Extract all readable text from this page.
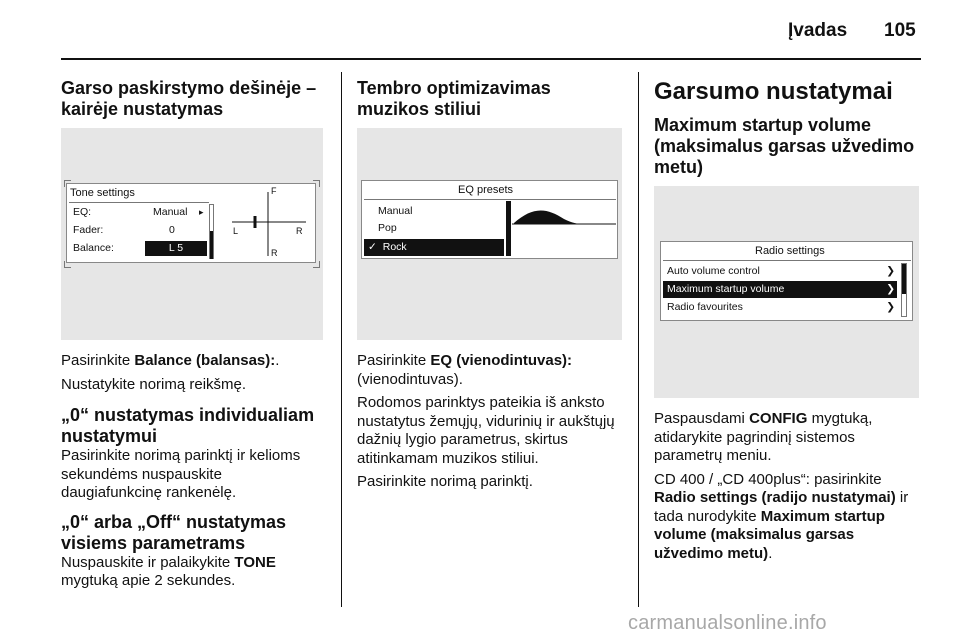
Įvadas 105
Garso paskirstymo dešinėje – kairėje nustatymas
Tone settings
EQ:	Manual ▸
Fader:	0
Balance:	L 5
F
L	R
R

Pasirinkite Balance (balansas):.

Nustatykite norimą reikšmę.

„0“ nustatymas individualiam nustatymui

Pasirinkite norimą parinktį ir kelioms sekundėms nuspauskite daugiafunkcinę rankenėlę.

„0“ arba „Off“ nustatymas visiems parametrams

Nuspauskite ir palaikykite TONE mygtuką apie 2 sekundes.

Tembro optimizavimas muzikos stiliui
EQ presets
Manual
Pop
✓ Rock

Pasirinkite EQ (vienodintuvas): (vienodintuvas).

Rodomos parinktys pateikia iš anksto nustatytus žemųjų, vidurinių ir aukštųjų dažnių lygio parametrus, skirtus atitinkamam muzikos stiliui.

Pasirinkite norimą parinktį.

Garsumo nustatymai
Maximum startup volume (maksimalus garsas užvedimo metu)
Radio settings
Auto volume control	❯
Maximum startup volume	❯
Radio favourites	❯

Paspausdami CONFIG mygtuką, atidarykite pagrindinį sistemos parametrų meniu.

CD 400 / „CD 400plus“: pasirinkite Radio settings (radijo nustatymai) ir tada nurodykite Maximum startup volume (maksimalus garsas užvedimo metu).

carmanualsonline.info
